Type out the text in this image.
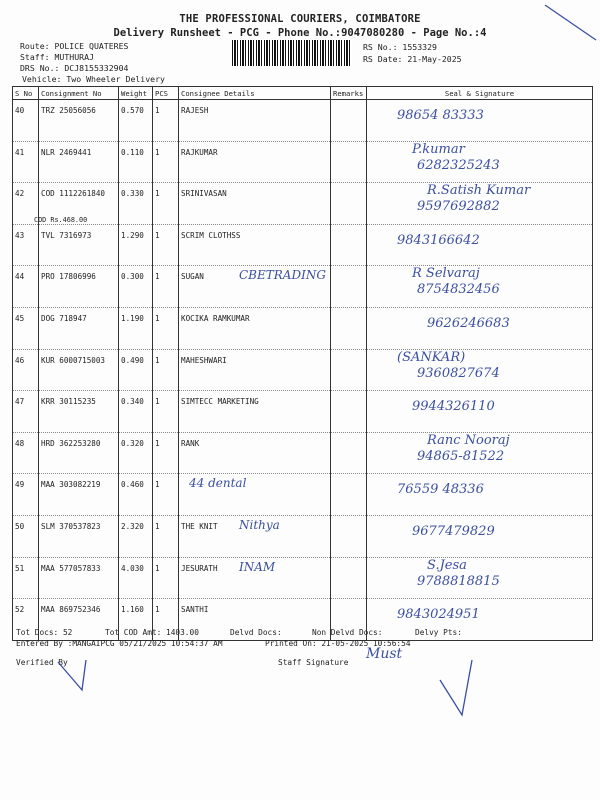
THE PROFESSIONAL COURIERS, COIMBATORE
Delivery Runsheet - PCG - Phone No.:9047080280 - Page No.:4
Route: POLICE QUATERES
Staff: MUTHURAJ
DRS No.: DCJ8155332904
Vehicle: Two Wheeler Delivery
RS No.: 1553329
RS Date: 21-May-2025
S No	Consignment No	Weight	PCS	Consignee Details	Remarks	Seal & Signature
40	TRZ 25056056	0.570	1	RAJESH		98654 83333

41	NLR 2469441	0.110	1	RAJKUMAR		P.kumar
6282325243

42	COD 1112261840
COD Rs.468.00	0.330	1	SRINIVASAN		R.Satish Kumar
9597692882

43	TVL 7316973	1.290	1	SCRIM CLOTHSS		9843166642

44	PRO 17806996	0.300	1	SUGAN CBETRADING		R Selvaraj
8754832456

45	DOG 718947	1.190	1	KOCIKA RAMKUMAR		9626246683

46	KUR 6000715003	0.490	1	MAHESHWARI		(SANKAR)
9360827674

47	KRR 30115235	0.340	1	SIMTECC MARKETING		9944326110

48	HRD 362253280	0.320	1	RANK		Ranc Nooraj
94865-81522

49	MAA 303082219	0.460	1	44 dental		76559 48336

50	SLM 370537823	2.320	1	THE KNIT Nithya		9677479829

51	MAA 577057833	4.030	1	JESURATH INAM		S.Jesa
9788818815

52	MAA 869752346	1.160	1	SANTHI		9843024951
Tot Docs: 52	Tot COD Amt: 1403.00	Delvd Docs:	Non Delvd Docs:	Delvy Pts:
Entered By :MANGAIPCG 05/21/2025 10:54:37 AM	Printed On: 21-05-2025 10:56:54
Verified By	Staff Signature
Must
